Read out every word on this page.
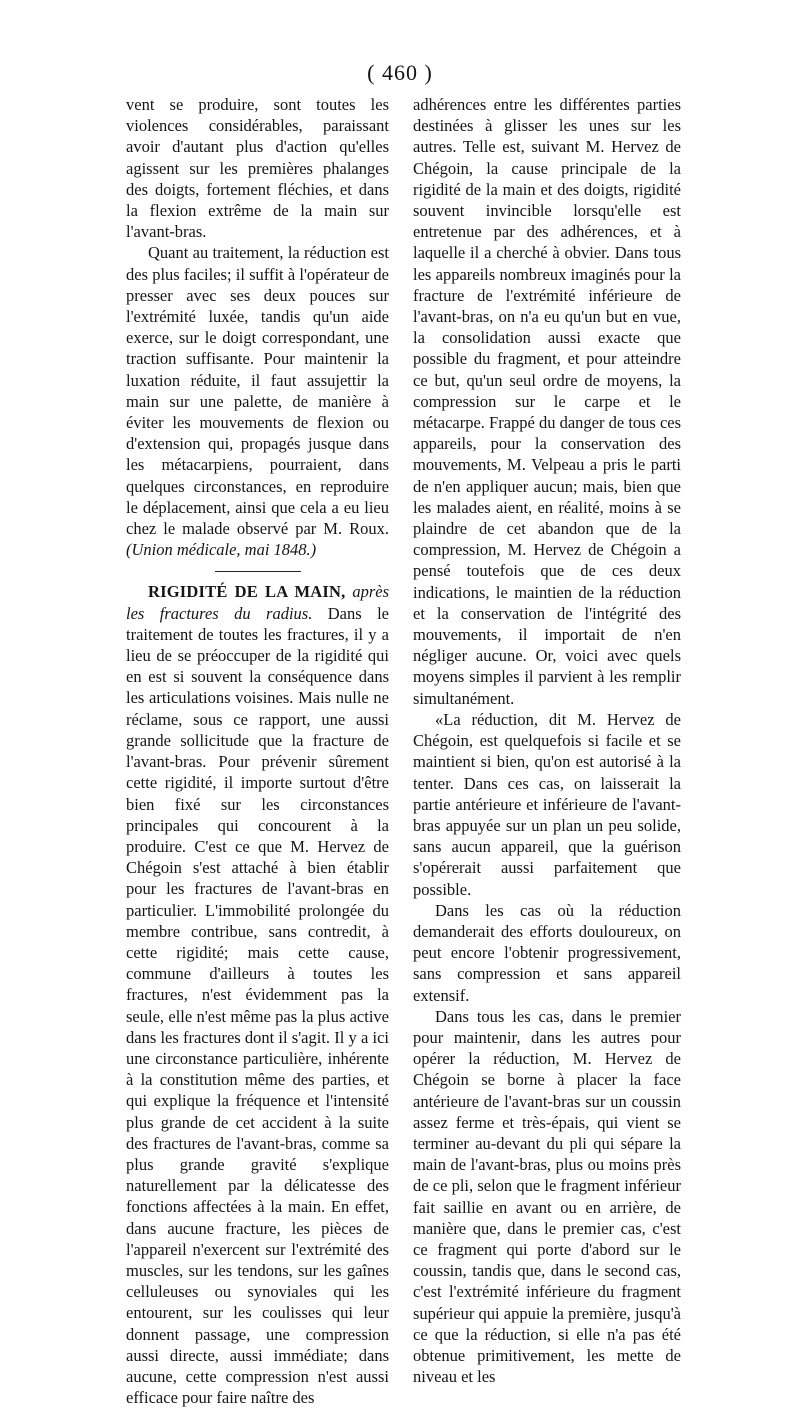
( 460 )

vent se produire, sont toutes les violences considérables, paraissant avoir d'autant plus d'action qu'elles agissent sur les premières phalanges des doigts, fortement fléchies, et dans la flexion extrême de la main sur l'avant-bras.

Quant au traitement, la réduction est des plus faciles; il suffit à l'opérateur de presser avec ses deux pouces sur l'extrémité luxée, tandis qu'un aide exerce, sur le doigt correspondant, une traction suffisante. Pour maintenir la luxation réduite, il faut assujettir la main sur une palette, de manière à éviter les mouvements de flexion ou d'extension qui, propagés jusque dans les métacarpiens, pourraient, dans quelques circonstances, en reproduire le déplacement, ainsi que cela a eu lieu chez le malade observé par M. Roux. (Union médicale, mai 1848.)

RIGIDITÉ DE LA MAIN, après les fractures du radius. Dans le traitement de toutes les fractures, il y a lieu de se préoccuper de la rigidité qui en est si souvent la conséquence dans les articulations voisines. Mais nulle ne réclame, sous ce rapport, une aussi grande sollicitude que la fracture de l'avant-bras. Pour prévenir sûrement cette rigidité, il importe surtout d'être bien fixé sur les circonstances principales qui concourent à la produire. C'est ce que M. Hervez de Chégoin s'est attaché à bien établir pour les fractures de l'avant-bras en particulier. L'immobilité prolongée du membre contribue, sans contredit, à cette rigidité; mais cette cause, commune d'ailleurs à toutes les fractures, n'est évidemment pas la seule, elle n'est même pas la plus active dans les fractures dont il s'agit. Il y a ici une circonstance particulière, inhérente à la constitution même des parties, et qui explique la fréquence et l'intensité plus grande de cet accident à la suite des fractures de l'avant-bras, comme sa plus grande gravité s'explique naturellement par la délicatesse des fonctions affectées à la main. En effet, dans aucune fracture, les pièces de l'appareil n'exercent sur l'extrémité des muscles, sur les tendons, sur les gaînes celluleuses ou synoviales qui les entourent, sur les coulisses qui leur donnent passage, une compression aussi directe, aussi immédiate; dans aucune, cette compression n'est aussi efficace pour faire naître des

adhérences entre les différentes parties destinées à glisser les unes sur les autres. Telle est, suivant M. Hervez de Chégoin, la cause principale de la rigidité de la main et des doigts, rigidité souvent invincible lorsqu'elle est entretenue par des adhérences, et à laquelle il a cherché à obvier. Dans tous les appareils nombreux imaginés pour la fracture de l'extrémité inférieure de l'avant-bras, on n'a eu qu'un but en vue, la consolidation aussi exacte que possible du fragment, et pour atteindre ce but, qu'un seul ordre de moyens, la compression sur le carpe et le métacarpe. Frappé du danger de tous ces appareils, pour la conservation des mouvements, M. Velpeau a pris le parti de n'en appliquer aucun; mais, bien que les malades aient, en réalité, moins à se plaindre de cet abandon que de la compression, M. Hervez de Chégoin a pensé toutefois que de ces deux indications, le maintien de la réduction et la conservation de l'intégrité des mouvements, il importait de n'en négliger aucune. Or, voici avec quels moyens simples il parvient à les remplir simultanément.

«La réduction, dit M. Hervez de Chégoin, est quelquefois si facile et se maintient si bien, qu'on est autorisé à la tenter. Dans ces cas, on laisserait la partie antérieure et inférieure de l'avant-bras appuyée sur un plan un peu solide, sans aucun appareil, que la guérison s'opérerait aussi parfaitement que possible.

Dans les cas où la réduction demanderait des efforts douloureux, on peut encore l'obtenir progressivement, sans compression et sans appareil extensif.

Dans tous les cas, dans le premier pour maintenir, dans les autres pour opérer la réduction, M. Hervez de Chégoin se borne à placer la face antérieure de l'avant-bras sur un coussin assez ferme et très-épais, qui vient se terminer au-devant du pli qui sépare la main de l'avant-bras, plus ou moins près de ce pli, selon que le fragment inférieur fait saillie en avant ou en arrière, de manière que, dans le premier cas, c'est ce fragment qui porte d'abord sur le coussin, tandis que, dans le second cas, c'est l'extrémité inférieure du fragment supérieur qui appuie la première, jusqu'à ce que la réduction, si elle n'a pas été obtenue primitivement, les mette de niveau et les
